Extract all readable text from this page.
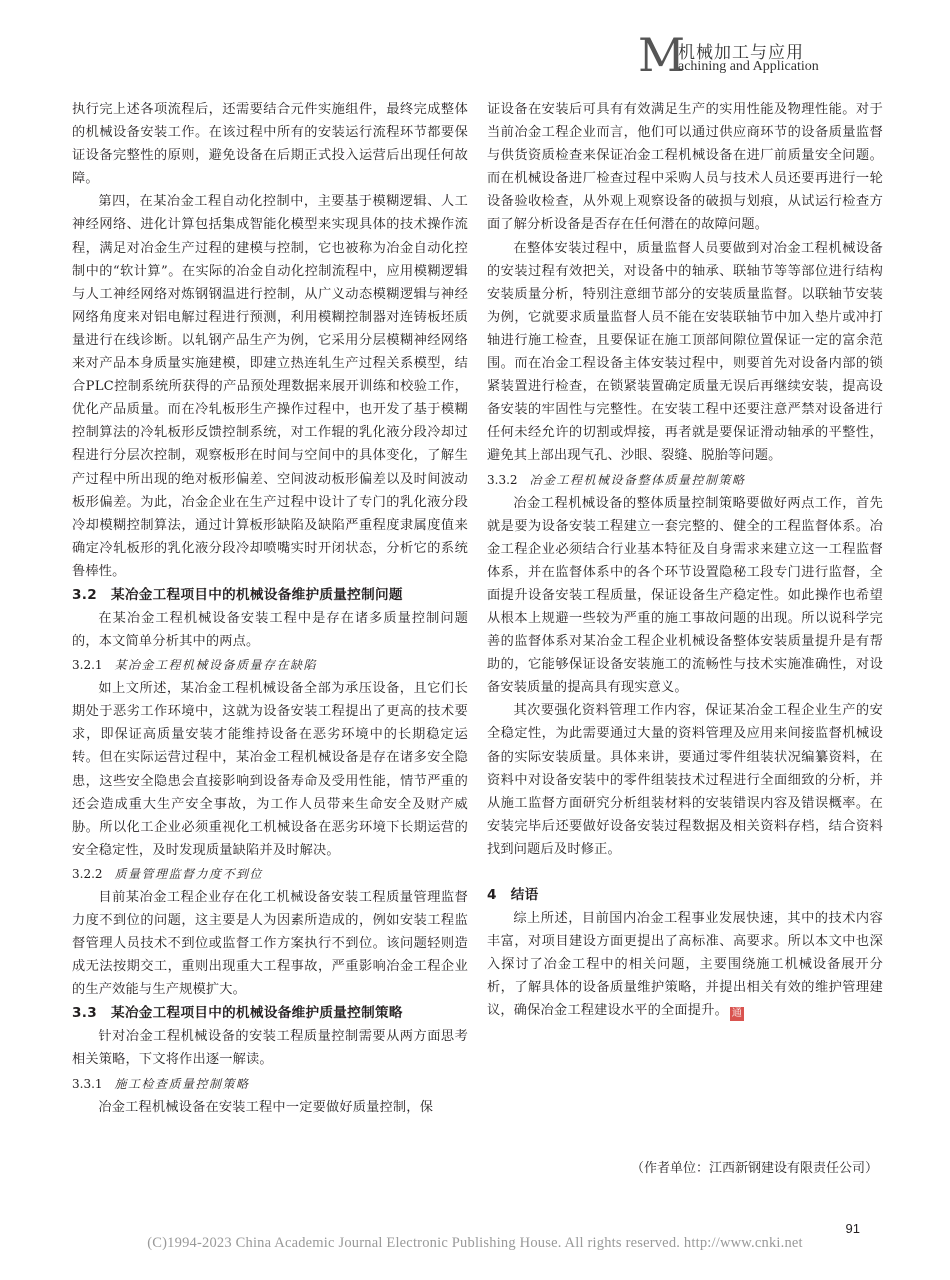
M
机械加工与应用
achining and Application

执行完上述各项流程后，还需要结合元件实施组件，最终完成整体的机械设备安装工作。在该过程中所有的安装运行流程环节都要保证设备完整性的原则，避免设备在后期正式投入运营后出现任何故障。

第四，在某冶金工程自动化控制中，主要基于模糊逻辑、人工神经网络、进化计算包括集成智能化模型来实现具体的技术操作流程，满足对冶金生产过程的建模与控制，它也被称为冶金自动化控制中的“软计算”。在实际的冶金自动化控制流程中，应用模糊逻辑与人工神经网络对炼钢钢温进行控制，从广义动态模糊逻辑与神经网络角度来对铝电解过程进行预测，利用模糊控制器对连铸板坯质量进行在线诊断。以轧钢产品生产为例，它采用分层模糊神经网络来对产品本身质量实施建模，即建立热连轧生产过程关系模型，结合PLC控制系统所获得的产品预处理数据来展开训练和校验工作，优化产品质量。而在冷轧板形生产操作过程中，也开发了基于模糊控制算法的冷轧板形反馈控制系统，对工作辊的乳化液分段冷却过程进行分层次控制，观察板形在时间与空间中的具体变化，了解生产过程中所出现的绝对板形偏差、空间波动板形偏差以及时间波动板形偏差。为此，冶金企业在生产过程中设计了专门的乳化液分段冷却模糊控制算法，通过计算板形缺陷及缺陷严重程度隶属度值来确定冷轧板形的乳化液分段冷却喷嘴实时开闭状态，分析它的系统鲁棒性。

3.2 某冶金工程项目中的机械设备维护质量控制问题

在某冶金工程机械设备安装工程中是存在诸多质量控制问题的，本文简单分析其中的两点。

3.2.1 某冶金工程机械设备质量存在缺陷

如上文所述，某冶金工程机械设备全部为承压设备，且它们长期处于恶劣工作环境中，这就为设备安装工程提出了更高的技术要求，即保证高质量安装才能维持设备在恶劣环境中的长期稳定运转。但在实际运营过程中，某冶金工程机械设备是存在诸多安全隐患，这些安全隐患会直接影响到设备寿命及受用性能，情节严重的还会造成重大生产安全事故，为工作人员带来生命安全及财产威胁。所以化工企业必须重视化工机械设备在恶劣环境下长期运营的安全稳定性，及时发现质量缺陷并及时解决。

3.2.2 质量管理监督力度不到位

目前某冶金工程企业存在化工机械设备安装工程质量管理监督力度不到位的问题，这主要是人为因素所造成的，例如安装工程监督管理人员技术不到位或监督工作方案执行不到位。该问题轻则造成无法按期交工，重则出现重大工程事故，严重影响冶金工程企业的生产效能与生产规模扩大。

3.3 某冶金工程项目中的机械设备维护质量控制策略

针对冶金工程机械设备的安装工程质量控制需要从两方面思考相关策略，下文将作出逐一解读。

3.3.1 施工检查质量控制策略

冶金工程机械设备在安装工程中一定要做好质量控制，保

证设备在安装后可具有有效满足生产的实用性能及物理性能。对于当前冶金工程企业而言，他们可以通过供应商环节的设备质量监督与供货资质检查来保证冶金工程机械设备在进厂前质量安全问题。而在机械设备进厂检查过程中采购人员与技术人员还要再进行一轮设备验收检查，从外观上观察设备的破损与划痕，从试运行检查方面了解分析设备是否存在任何潜在的故障问题。

在整体安装过程中，质量监督人员要做到对冶金工程机械设备的安装过程有效把关，对设备中的轴承、联轴节等等部位进行结构安装质量分析，特别注意细节部分的安装质量监督。以联轴节安装为例，它就要求质量监督人员不能在安装联轴节中加入垫片或冲打轴进行施工检查，且要保证在施工顶部间隙位置保证一定的富余范围。而在冶金工程设备主体安装过程中，则要首先对设备内部的锁紧装置进行检查，在锁紧装置确定质量无误后再继续安装，提高设备安装的牢固性与完整性。在安装工程中还要注意严禁对设备进行任何未经允许的切割或焊接，再者就是要保证滑动轴承的平整性，避免其上部出现气孔、沙眼、裂缝、脱胎等问题。

3.3.2 冶金工程机械设备整体质量控制策略

冶金工程机械设备的整体质量控制策略要做好两点工作，首先就是要为设备安装工程建立一套完整的、健全的工程监督体系。冶金工程企业必须结合行业基本特征及自身需求来建立这一工程监督体系，并在监督体系中的各个环节设置隐秘工段专门进行监督，全面提升设备安装工程质量，保证设备生产稳定性。如此操作也希望从根本上规避一些较为严重的施工事故问题的出现。所以说科学完善的监督体系对某冶金工程企业机械设备整体安装质量提升是有帮助的，它能够保证设备安装施工的流畅性与技术实施准确性，对设备安装质量的提高具有现实意义。

其次要强化资料管理工作内容，保证某冶金工程企业生产的安全稳定性，为此需要通过大量的资料管理及应用来间接监督机械设备的实际安装质量。具体来讲，要通过零件组装状况编纂资料，在资料中对设备安装中的零件组装技术过程进行全面细致的分析，并从施工监督方面研究分析组装材料的安装错误内容及错误概率。在安装完毕后还要做好设备安装过程数据及相关资料存档，结合资料找到问题后及时修正。

4 结语

综上所述，目前国内冶金工程事业发展快速，其中的技术内容丰富，对项目建设方面更提出了高标准、高要求。所以本文中也深入探讨了冶金工程中的相关问题，主要围绕施工机械设备展开分析，了解具体的设备质量维护策略，并提出相关有效的维护管理建议，确保冶金工程建设水平的全面提升。 通

（作者单位：江西新钢建设有限责任公司）
91
(C)1994-2023 China Academic Journal Electronic Publishing House. All rights reserved. http://www.cnki.net
